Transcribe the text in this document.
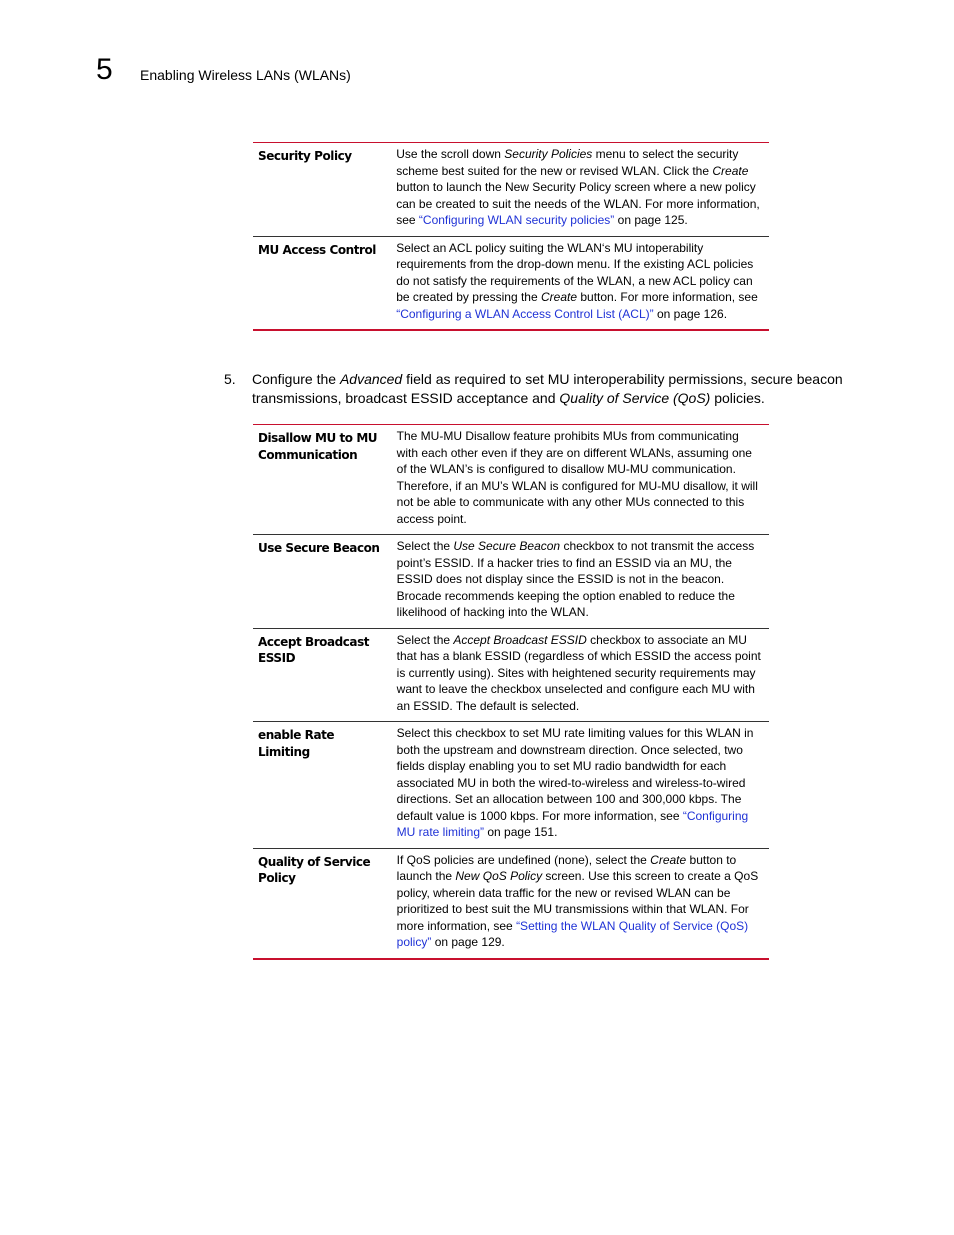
5 Enabling Wireless LANs (WLANs)
Security Policy	Use the scroll down Security Policies menu to select the security scheme best suited for the new or revised WLAN. Click the Create button to launch the New Security Policy screen where a new policy can be created to suit the needs of the WLAN. For more information, see “Configuring WLAN security policies” on page 125.
MU Access Control	Select an ACL policy suiting the WLAN‘s MU intoperability requirements from the drop-down menu. If the existing ACL policies do not satisfy the requirements of the WLAN, a new ACL policy can be created by pressing the Create button. For more information, see “Configuring a WLAN Access Control List (ACL)” on page 126.
5. Configure the Advanced field as required to set MU interoperability permissions, secure beacon transmissions, broadcast ESSID acceptance and Quality of Service (QoS) policies.
Disallow MU to MU Communication	The MU-MU Disallow feature prohibits MUs from communicating with each other even if they are on different WLANs, assuming one of the WLAN’s is configured to disallow MU-MU communication. Therefore, if an MU’s WLAN is configured for MU-MU disallow, it will not be able to communicate with any other MUs connected to this access point.
Use Secure Beacon	Select the Use Secure Beacon checkbox to not transmit the access point’s ESSID. If a hacker tries to find an ESSID via an MU, the ESSID does not display since the ESSID is not in the beacon. Brocade recommends keeping the option enabled to reduce the likelihood of hacking into the WLAN.
Accept Broadcast ESSID	Select the Accept Broadcast ESSID checkbox to associate an MU that has a blank ESSID (regardless of which ESSID the access point is currently using). Sites with heightened security requirements may want to leave the checkbox unselected and configure each MU with an ESSID. The default is selected.
enable Rate Limiting	Select this checkbox to set MU rate limiting values for this WLAN in both the upstream and downstream direction. Once selected, two fields display enabling you to set MU radio bandwidth for each associated MU in both the wired-to-wireless and wireless-to-wired directions. Set an allocation between 100 and 300,000 kbps. The default value is 1000 kbps. For more information, see “Configuring MU rate limiting” on page 151.
Quality of Service Policy	If QoS policies are undefined (none), select the Create button to launch the New QoS Policy screen. Use this screen to create a QoS policy, wherein data traffic for the new or revised WLAN can be prioritized to best suit the MU transmissions within that WLAN. For more information, see “Setting the WLAN Quality of Service (QoS) policy” on page 129.
